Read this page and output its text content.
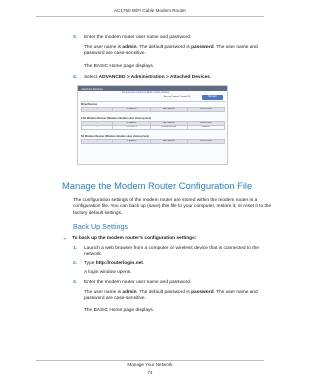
AC1750 WiFi Cable Modem Router
3. Enter the modem router user name and password.
The user name is admin. The default password is password. The user name and password are case-sensitive.
The BASIC Home page displays.
4. Select ADVANCED > Administration > Attached Devices.
Attached Devices
Go to Access Control to allow or block devices
Access Control: Turned Off	Refresh
Wired Devices
#	IP Address	MAC Address	Device Name
2.4G Wireless Devices (Wireless intruders also show up here)
#	IP Address	MAC Address	Device Name
1	192.168.1.9	xx:xx:xx:xx:xx:xx	Device-01
5G Wireless Devices (Wireless intruders also show up here)
#	IP Address	MAC Address	Device Name
Manage the Modem Router Configuration File
The configuration settings of the modem router are stored within the modem router in a configuration file. You can back up (save) this file to your computer, restore it, or reset it to the factory default settings.
Back Up Settings
➢ To back up the modem router’s configuration settings:
1. Launch a web browser from a computer or wireless device that is connected to the network.
2. Type http://routerlogin.net.
A login window opens.
3. Enter the modem router user name and password.
The user name is admin. The default password is password. The user name and password are case-sensitive.
The BASIC Home page displays.
Manage Your Network
74
